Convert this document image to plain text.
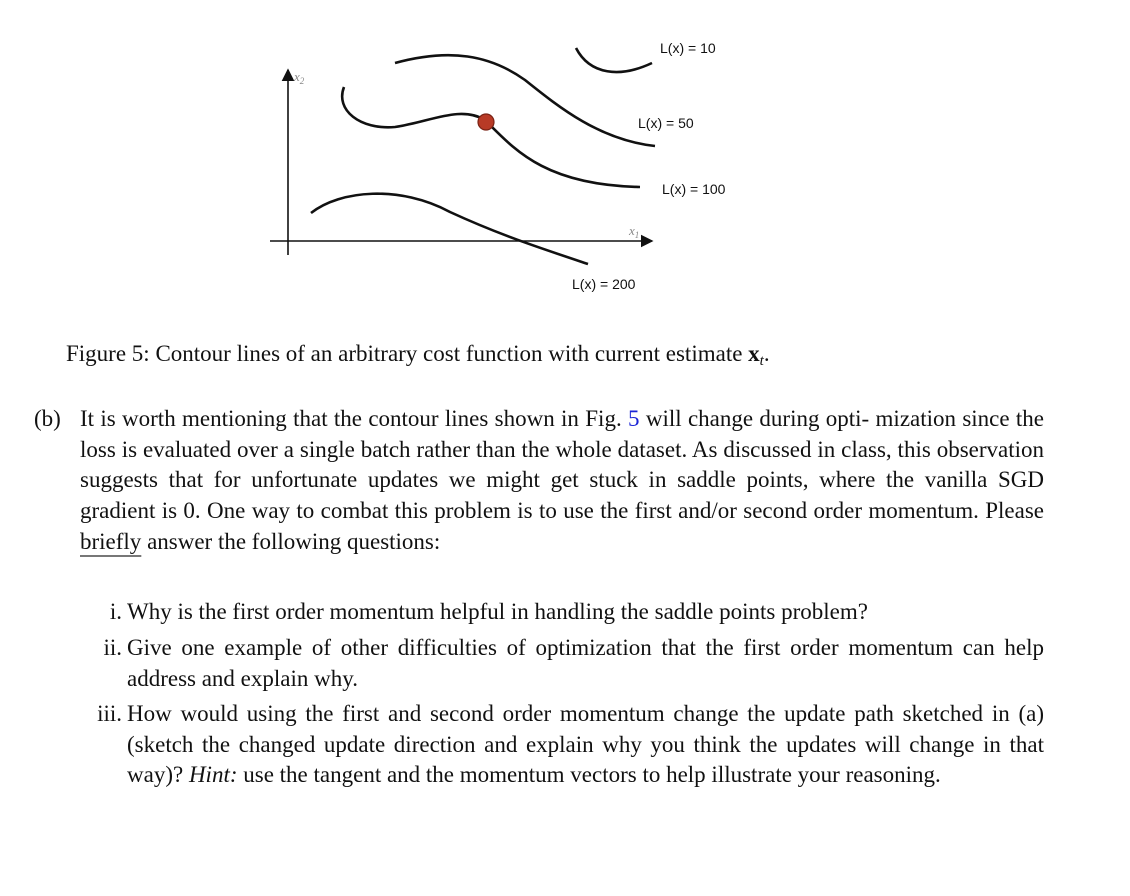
L(x) = 10
L(x) = 50
L(x) = 100
L(x) = 200
$x_1$
$x_2$
Figure 5: Contour lines of an arbitrary cost function with current estimate $x_t$.
(b) It is worth mentioning that the contour lines shown in Fig. 5 will change during opti- mization since the loss is evaluated over a single batch rather than the whole dataset. As discussed in class, this observation suggests that for unfortunate updates we might get stuck in saddle points, where the vanilla SGD gradient is 0. One way to combat this problem is to use the first and/or second order momentum. Please briefly answer the following questions:
i. Why is the first order momentum helpful in handling the saddle points problem?
ii. Give one example of other difficulties of optimization that the first order momentum can help address and explain why.
iii. How would using the first and second order momentum change the update path sketched in (a) (sketch the changed update direction and explain why you think the updates will change in that way)? Hint: use the tangent and the momentum vectors to help illustrate your reasoning.
